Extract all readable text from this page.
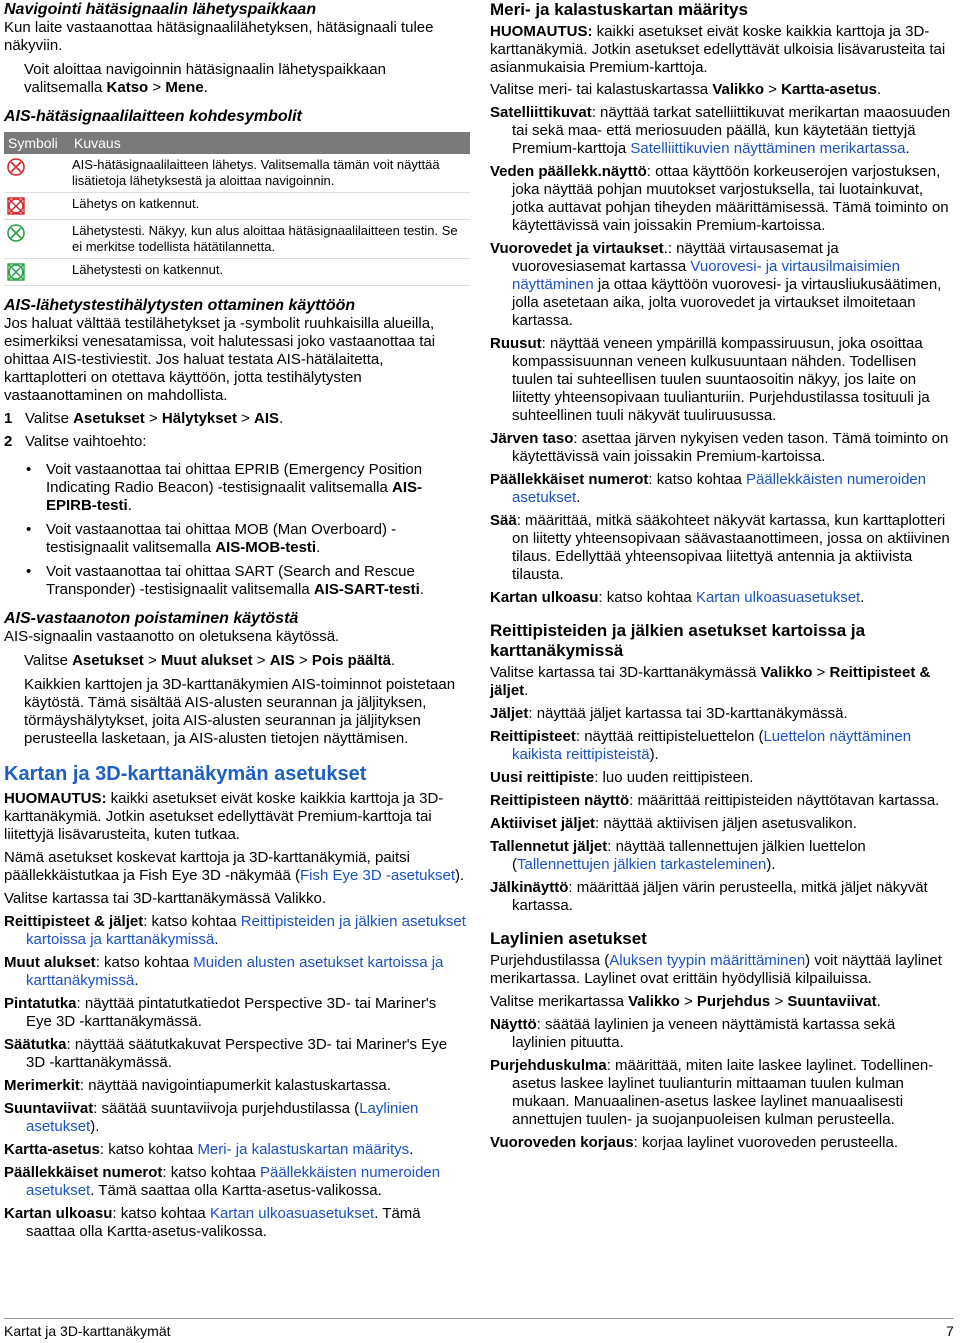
Navigointi hätäsignaalin lähetyspaikkaan

Kun laite vastaanottaa hätäsignaalilähetyksen, hätäsignaali tulee näkyviin.

Voit aloittaa navigoinnin hätäsignaalin lähetyspaikkaan valitsemalla Katso > Mene.

AIS-hätäsignaalilaitteen kohdesymbolit

Symboli	Kuvaus

	AIS-hätäsignaalilaitteen lähetys. Valitsemalla tämän voit näyttää lisätietoja lähetyksestä ja aloittaa navigoinnin.

	Lähetys on katkennut.

	Lähetystesti. Näkyy, kun alus aloittaa hätäsignaalilaitteen testin. Se ei merkitse todellista hätätilannetta.

	Lähetystesti on katkennut.

AIS-lähetystestihälytysten ottaminen käyttöön

Jos haluat välttää testilähetykset ja -symbolit ruuhkaisilla alueilla, esimerkiksi venesatamissa, voit halutessasi joko vastaanottaa tai ohittaa AIS-testiviestit. Jos haluat testata AIS-hätälaitetta, karttaplotteri on otettava käyttöön, jotta testihälytysten vastaanottaminen on mahdollista.

1 Valitse Asetukset > Hälytykset > AIS.

2 Valitse vaihtoehto:

• Voit vastaanottaa tai ohittaa EPRIB (Emergency Position Indicating Radio Beacon) -testisignaalit valitsemalla AIS-EPIRB-testi.

• Voit vastaanottaa tai ohittaa MOB (Man Overboard) -testisignaalit valitsemalla AIS-MOB-testi.

• Voit vastaanottaa tai ohittaa SART (Search and Rescue Transponder) -testisignaalit valitsemalla AIS-SART-testi.

AIS-vastaanoton poistaminen käytöstä

AIS-signaalin vastaanotto on oletuksena käytössä.

Valitse Asetukset > Muut alukset > AIS > Pois päältä.

Kaikkien karttojen ja 3D-karttanäkymien AIS-toiminnot poistetaan käytöstä. Tämä sisältää AIS-alusten seurannan ja jäljityksen, törmäyshälytykset, joita AIS-alusten seurannan ja jäljityksen perusteella lasketaan, ja AIS-alusten tietojen näyttämisen.

Kartan ja 3D-karttanäkymän asetukset

HUOMAUTUS: kaikki asetukset eivät koske kaikkia karttoja ja 3D-karttanäkymiä. Jotkin asetukset edellyttävät Premium-karttoja tai liitettyjä lisävarusteita, kuten tutkaa.

Nämä asetukset koskevat karttoja ja 3D-karttanäkymiä, paitsi päällekkäistutkaa ja Fish Eye 3D -näkymää (Fish Eye 3D -asetukset).

Valitse kartassa tai 3D-karttanäkymässä Valikko.

Reittipisteet & jäljet: katso kohtaa Reittipisteiden ja jälkien asetukset kartoissa ja karttanäkymissä.

Muut alukset: katso kohtaa Muiden alusten asetukset kartoissa ja karttanäkymissä.

Pintatutka: näyttää pintatutkatiedot Perspective 3D- tai Mariner's Eye 3D -karttanäkymässä.

Säätutka: näyttää säätutkakuvat Perspective 3D- tai Mariner's Eye 3D -karttanäkymässä.

Merimerkit: näyttää navigointiapumerkit kalastuskartassa.

Suuntaviivat: säätää suuntaviivoja purjehdustilassa (Laylinien asetukset).

Kartta-asetus: katso kohtaa Meri- ja kalastuskartan määritys.

Päällekkäiset numerot: katso kohtaa Päällekkäisten numeroiden asetukset. Tämä saattaa olla Kartta-asetus-valikossa.

Kartan ulkoasu: katso kohtaa Kartan ulkoasuasetukset. Tämä saattaa olla Kartta-asetus-valikossa.

Meri- ja kalastuskartan määritys

HUOMAUTUS: kaikki asetukset eivät koske kaikkia karttoja ja 3D-karttanäkymiä. Jotkin asetukset edellyttävät ulkoisia lisävarusteita tai asianmukaisia Premium-karttoja.

Valitse meri- tai kalastuskartassa Valikko > Kartta-asetus.

Satelliittikuvat: näyttää tarkat satelliittikuvat merikartan maaosuuden tai sekä maa- että meriosuuden päällä, kun käytetään tiettyjä Premium-karttoja Satelliittikuvien näyttäminen merikartassa.

Veden päällekk.näyttö: ottaa käyttöön korkeuserojen varjostuksen, joka näyttää pohjan muutokset varjostuksella, tai luotainkuvat, jotka auttavat pohjan tiheyden määrittämisessä. Tämä toiminto on käytettävissä vain joissakin Premium-kartoissa.

Vuorovedet ja virtaukset.: näyttää virtausasemat ja vuorovesiasemat kartassa Vuorovesi- ja virtausilmaisimien näyttäminen ja ottaa käyttöön vuorovesi- ja virtausliukusäätimen, jolla asetetaan aika, jolta vuorovedet ja virtaukset ilmoitetaan kartassa.

Ruusut: näyttää veneen ympärillä kompassiruusun, joka osoittaa kompassisuunnan veneen kulkusuuntaan nähden. Todellisen tuulen tai suhteellisen tuulen suuntaosoitin näkyy, jos laite on liitetty yhteensopivaan tuulianturiin. Purjehdustilassa tosituuli ja suhteellinen tuuli näkyvät tuuliruusussa.

Järven taso: asettaa järven nykyisen veden tason. Tämä toiminto on käytettävissä vain joissakin Premium-kartoissa.

Päällekkäiset numerot: katso kohtaa Päällekkäisten numeroiden asetukset.

Sää: määrittää, mitkä sääkohteet näkyvät kartassa, kun karttaplotteri on liitetty yhteensopivaan säävastaanottimeen, jossa on aktiivinen tilaus. Edellyttää yhteensopivaa liitettyä antennia ja aktiivista tilausta.

Kartan ulkoasu: katso kohtaa Kartan ulkoasuasetukset.

Reittipisteiden ja jälkien asetukset kartoissa ja karttanäkymissä

Valitse kartassa tai 3D-karttanäkymässä Valikko > Reittipisteet & jäljet.

Jäljet: näyttää jäljet kartassa tai 3D-karttanäkymässä.

Reittipisteet: näyttää reittipisteluettelon (Luettelon näyttäminen kaikista reittipisteistä).

Uusi reittipiste: luo uuden reittipisteen.

Reittipisteen näyttö: määrittää reittipisteiden näyttötavan kartassa.

Aktiiviset jäljet: näyttää aktiivisen jäljen asetusvalikon.

Tallennetut jäljet: näyttää tallennettujen jälkien luettelon (Tallennettujen jälkien tarkasteleminen).

Jälkinäyttö: määrittää jäljen värin perusteella, mitkä jäljet näkyvät kartassa.

Laylinien asetukset

Purjehdustilassa (Aluksen tyypin määrittäminen) voit näyttää laylinet merikartassa. Laylinet ovat erittäin hyödyllisiä kilpailuissa.

Valitse merikartassa Valikko > Purjehdus > Suuntaviivat.

Näyttö: säätää laylinien ja veneen näyttämistä kartassa sekä laylinien pituutta.

Purjehduskulma: määrittää, miten laite laskee laylinet. Todellinen-asetus laskee laylinet tuulianturin mittaaman tuulen kulman mukaan. Manuaalinen-asetus laskee laylinet manuaalisesti annettujen tuulen- ja suojanpuoleisen kulman perusteella.

Vuoroveden korjaus: korjaa laylinet vuoroveden perusteella.

Kartat ja 3D-karttanäkymät	7
